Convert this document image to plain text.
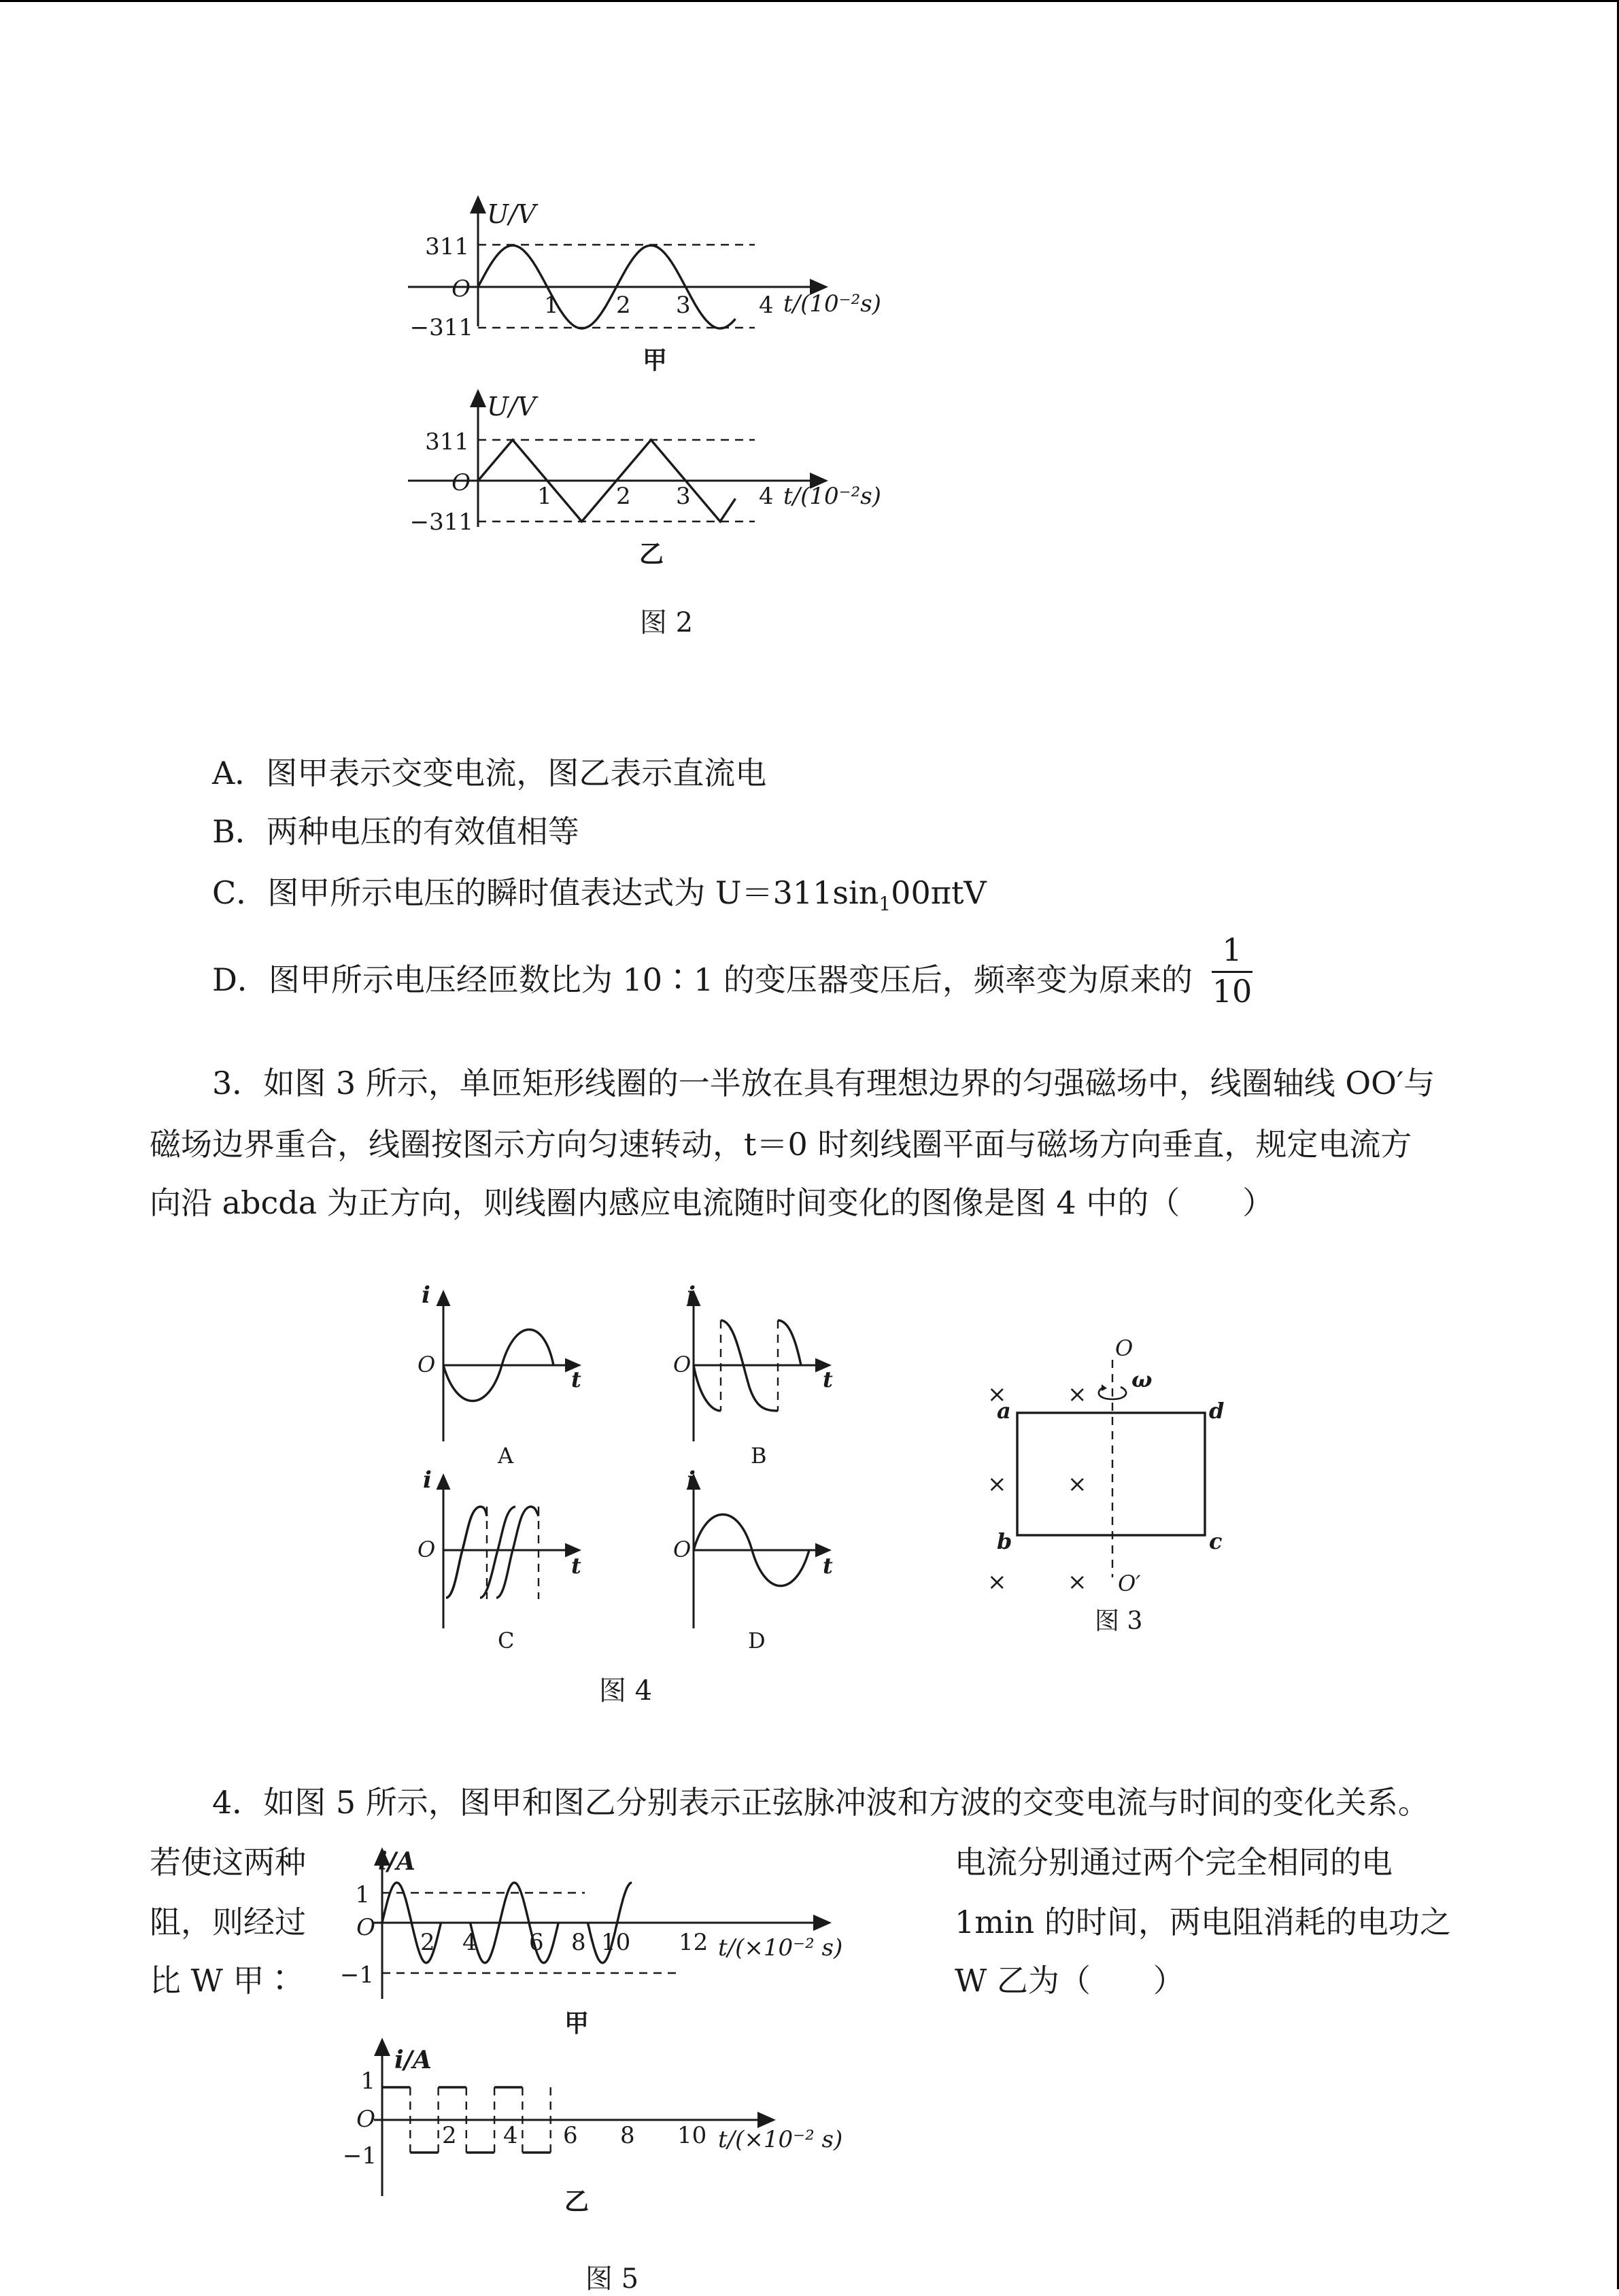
U/V
311
O
−311
1 2 3	4 t/(10⁻²s)
甲
U/V
311
O
−311
1	2 3	4 t/(10⁻²s)
乙
图 2
A．图甲表示交变电流，图乙表示直流电
B．两种电压的有效值相等
C．图甲所示电压的瞬时值表达式为 $U=311\sin_100\pi tV$
D．图甲所示电压经匝数比为 10∶1 的变压器变压后，频率变为原来的 $\frac{1}{10}$
3．如图 3 所示，单匝矩形线圈的一半放在具有理想边界的匀强磁场中，线圈轴线 OO′与
磁场边界重合，线圈按图示方向匀速转动，t＝0 时刻线圈平面与磁场方向垂直，规定电流方
向沿 abcda 为正方向，则线圈内感应电流随时间变化的图像是图 4 中的（　　）
i
O
t
A
i
O
t
B
i
O
t
C
i
O
t
D
图 4
O
ω
O′
a
b	c
d
×	×
×	×
×	×
图 3
4．如图 5 所示，图甲和图乙分别表示正弦脉冲波和方波的交变电流与时间的变化关系。
若使这两种
阻，则经过
比 W 甲∶
电流分别通过两个完全相同的电
1min 的时间，两电阻消耗的电功之
W 乙为（　　）
i/A
1
O
−1
2 4 6 8 10 12 t/(×10⁻² s)
甲
i/A
1
O
−1
2 4 6 8 10 t/(×10⁻² s)
乙
图 5
